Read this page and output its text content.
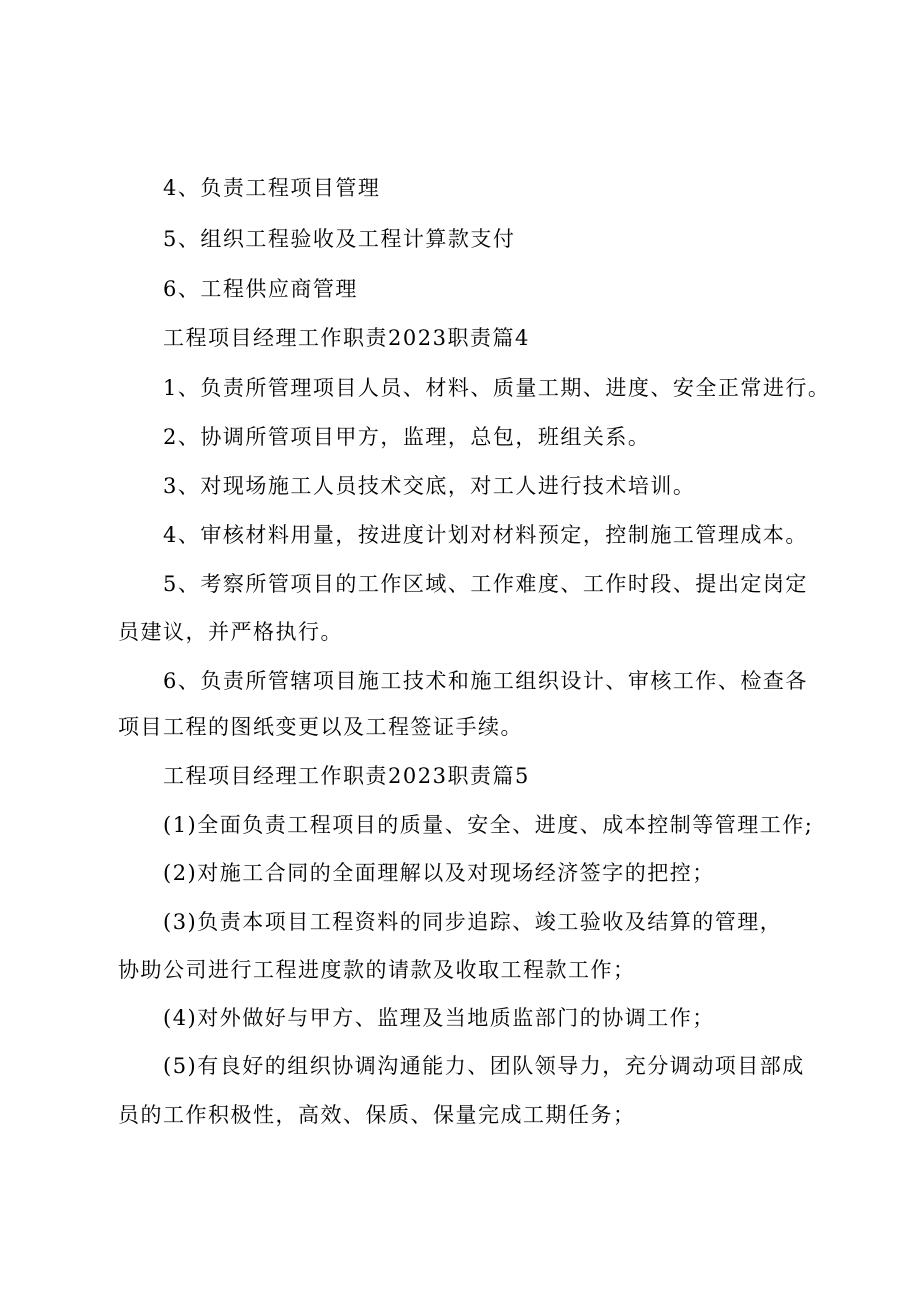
4、负责工程项目管理
5、组织工程验收及工程计算款支付
6、工程供应商管理
工程项目经理工作职责2023职责篇4
1、负责所管理项目人员、材料、质量工期、进度、安全正常进行。
2、协调所管项目甲方，监理，总包，班组关系。
3、对现场施工人员技术交底，对工人进行技术培训。
4、审核材料用量，按进度计划对材料预定，控制施工管理成本。
5、考察所管项目的工作区域、工作难度、工作时段、提出定岗定
员建议，并严格执行。
6、负责所管辖项目施工技术和施工组织设计、审核工作、检查各
项目工程的图纸变更以及工程签证手续。
工程项目经理工作职责2023职责篇5
(1)全面负责工程项目的质量、安全、进度、成本控制等管理工作;
(2)对施工合同的全面理解以及对现场经济签字的把控；
(3)负责本项目工程资料的同步追踪、竣工验收及结算的管理，
协助公司进行工程进度款的请款及收取工程款工作；
(4)对外做好与甲方、监理及当地质监部门的协调工作；
(5)有良好的组织协调沟通能力、团队领导力，充分调动项目部成
员的工作积极性，高效、保质、保量完成工期任务；
